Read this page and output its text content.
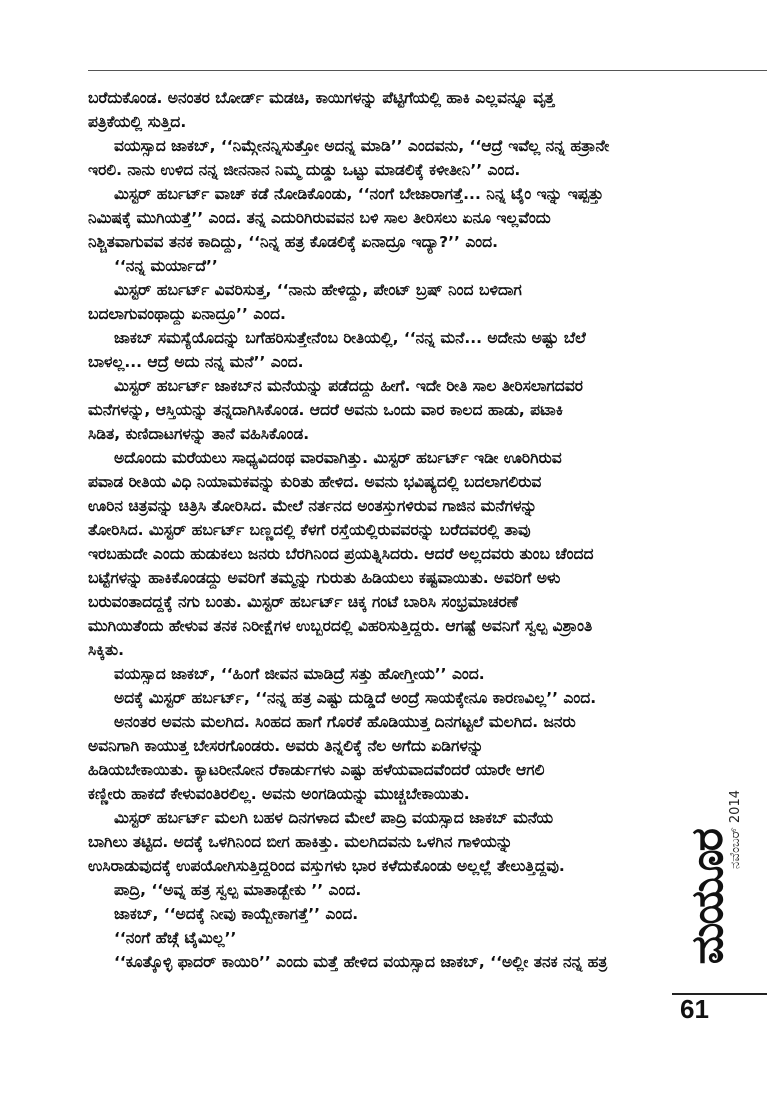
ಬರೆದುಕೊಂಡ. ಅನಂತರ ಬೋರ್ಡ್ ಮಡಚಿ, ಕಾಯಿಗಳನ್ನು ಪೆಟ್ಟಿಗೆಯಲ್ಲಿ ಹಾಕಿ ಎಲ್ಲವನ್ನೂ ವೃತ್ತ
ಪತ್ರಿಕೆಯಲ್ಲಿ ಸುತ್ತಿದ.
ವಯಸ್ಸಾದ ಜಾಕಬ್, ‘‘ನಿಮ್ಗೇನನ್ನಿಸುತ್ತೋ ಅದನ್ನ ಮಾಡಿ’’ ಎಂದವನು, ‘‘ಆದ್ರೆ ಇವೆಲ್ಲ ನನ್ನ ಹತ್ರಾನೇ
ಇರಲಿ. ನಾನು ಉಳಿದ ನನ್ನ ಜೀನನಾನ ನಿಮ್ಮ ದುಡ್ಡು ಒಟ್ಟು ಮಾಡಲಿಕ್ಕೆ ಕಳೀತೀನಿ’’ ಎಂದ.
ಮಿಸ್ಟರ್ ಹರ್ಬರ್ಟ್ ವಾಚ್ ಕಡೆ ನೋಡಿಕೊಂಡು, ‘‘ನಂಗೆ ಬೇಜಾರಾಗತ್ತೆ... ನಿನ್ನ ಟೈಂ ಇನ್ನು ಇಪ್ಪತ್ತು
ನಿಮಿಷಕ್ಕೆ ಮುಗಿಯತ್ತೆ’’ ಎಂದ. ತನ್ನ ಎದುರಿಗಿರುವವನ ಬಳಿ ಸಾಲ ತೀರಿಸಲು ಏನೂ ಇಲ್ಲವೆಂದು
ನಿಶ್ಚಿತವಾಗುವವ ತನಕ ಕಾದಿದ್ದು, ‘‘ನಿನ್ನ ಹತ್ರ ಕೊಡಲಿಕ್ಕೆ ಏನಾದ್ರೂ ಇದ್ಯಾ?’’ ಎಂದ.
‘‘ನನ್ನ ಮರ್ಯಾದೆ’’
ಮಿಸ್ಟರ್ ಹರ್ಬರ್ಟ್ ವಿವರಿಸುತ್ತ, ‘‘ನಾನು ಹೇಳಿದ್ದು, ಪೇಂಟ್ ಬ್ರಷ್ ನಿಂದ ಬಳಿದಾಗ
ಬದಲಾಗುವಂಥಾದ್ದು ಏನಾದ್ರೂ’’ ಎಂದ.
ಜಾಕಬ್ ಸಮಸ್ಯೆಯೊದನ್ನು ಬಗೆಹರಿಸುತ್ತೇನೆಂಬ ರೀತಿಯಲ್ಲಿ, ‘‘ನನ್ನ ಮನೆ... ಅದೇನು ಅಷ್ಟು ಬೆಲೆ
ಬಾಳಲ್ಲ... ಆದ್ರೆ ಅದು ನನ್ನ ಮನೆ’’ ಎಂದ.
ಮಿಸ್ಟರ್ ಹರ್ಬರ್ಟ್ ಜಾಕಬ್‌ನ ಮನೆಯನ್ನು ಪಡೆದದ್ದು ಹೀಗೆ. ಇದೇ ರೀತಿ ಸಾಲ ತೀರಿಸಲಾಗದವರ
ಮನೆಗಳನ್ನು, ಆಸ್ತಿಯನ್ನು ತನ್ನದಾಗಿಸಿಕೊಂಡ. ಆದರೆ ಅವನು ಒಂದು ವಾರ ಕಾಲದ ಹಾಡು, ಪಟಾಕಿ
ಸಿಡಿತ, ಕುಣಿದಾಟಗಳನ್ನು ತಾನೆ ವಹಿಸಿಕೊಂಡ.
ಅದೊಂದು ಮರೆಯಲು ಸಾಧ್ಯವಿದಂಥ ವಾರವಾಗಿತ್ತು. ಮಿಸ್ಟರ್ ಹರ್ಬರ್ಟ್ ಇಡೀ ಊರಿಗಿರುವ
ಪವಾಡ ರೀತಿಯ ವಿಧಿ ನಿಯಾಮಕವನ್ನು ಕುರಿತು ಹೇಳಿದ. ಅವನು ಭವಿಷ್ಯದಲ್ಲಿ ಬದಲಾಗಲಿರುವ
ಊರಿನ ಚಿತ್ರವನ್ನು ಚಿತ್ರಿಸಿ ತೋರಿಸಿದ. ಮೇಲೆ ನರ್ತನದ ಅಂತಸ್ತುಗಳಿರುವ ಗಾಜಿನ ಮನೆಗಳನ್ನು
ತೋರಿಸಿದ. ಮಿಸ್ಟರ್ ಹರ್ಬರ್ಟ್ ಬಣ್ಣದಲ್ಲಿ ಕೆಳಗೆ ರಸ್ತೆಯಲ್ಲಿರುವವರನ್ನು ಬರೆದವರಲ್ಲಿ ತಾವು
ಇರಬಹುದೇ ಎಂದು ಹುಡುಕಲು ಜನರು ಬೆರಗಿನಿಂದ ಪ್ರಯತ್ನಿಸಿದರು. ಆದರೆ ಅಲ್ಲದವರು ತುಂಬ ಚೆಂದದ
ಬಟ್ಟೆಗಳನ್ನು ಹಾಕಿಕೊಂಡದ್ದು ಅವರಿಗೆ ತಮ್ಮನ್ನು ಗುರುತು ಹಿಡಿಯಲು ಕಷ್ಟವಾಯಿತು. ಅವರಿಗೆ ಅಳು
ಬರುವಂತಾದದ್ದಕ್ಕೆ ನಗು ಬಂತು. ಮಿಸ್ಟರ್ ಹರ್ಬರ್ಟ್ ಚಿಕ್ಕ ಗಂಟೆ ಬಾರಿಸಿ ಸಂಭ್ರಮಾಚರಣೆ
ಮುಗಿಯಿತೆಂದು ಹೇಳುವ ತನಕ ನಿರೀಕ್ಷೆಗಳ ಉಬ್ಬರದಲ್ಲಿ ವಿಹರಿಸುತ್ತಿದ್ದರು. ಆಗಷ್ಟೆ ಅವನಿಗೆ ಸ್ವಲ್ಪ ವಿಶ್ರಾಂತಿ
ಸಿಕ್ಕಿತು.
ವಯಸ್ಸಾದ ಜಾಕಬ್, ‘‘ಹಿಂಗೆ ಜೀವನ ಮಾಡಿದ್ರೆ ಸತ್ತು ಹೋಗ್ತೀಯ’’ ಎಂದ.
ಅದಕ್ಕೆ ಮಿಸ್ಟರ್ ಹರ್ಬರ್ಟ್, ‘‘ನನ್ನ ಹತ್ರ ಎಷ್ಟು ದುಡ್ಡಿದೆ ಅಂದ್ರೆ ಸಾಯಕ್ಕೇನೂ ಕಾರಣವಿಲ್ಲ’’ ಎಂದ.
ಅನಂತರ ಅವನು ಮಲಗಿದ. ಸಿಂಹದ ಹಾಗೆ ಗೊರಕೆ ಹೊಡಿಯುತ್ತ ದಿನಗಟ್ಟಲೆ ಮಲಗಿದ. ಜನರು
ಅವನಿಗಾಗಿ ಕಾಯುತ್ತ ಬೇಸರಗೊಂಡರು. ಅವರು ತಿನ್ನಲಿಕ್ಕೆ ನೆಲ ಅಗೆದು ಏಡಿಗಳನ್ನು
ಹಿಡಿಯಬೇಕಾಯಿತು. ಕ್ಯಾಟರೀನೋನ ರೆಕಾರ್ಡುಗಳು ಎಷ್ಟು ಹಳೆಯವಾದವೆಂದರೆ ಯಾರೇ ಆಗಲಿ
ಕಣ್ಣೀರು ಹಾಕದೆ ಕೇಳುವಂತಿರಲಿಲ್ಲ. ಅವನು ಅಂಗಡಿಯನ್ನು ಮುಚ್ಚಬೇಕಾಯಿತು.
ಮಿಸ್ಟರ್ ಹರ್ಬರ್ಟ್ ಮಲಗಿ ಬಹಳ ದಿನಗಳಾದ ಮೇಲೆ ಪಾದ್ರಿ ವಯಸ್ಸಾದ ಜಾಕಬ್ ಮನೆಯ
ಬಾಗಿಲು ತಟ್ಟಿದ. ಅದಕ್ಕೆ ಒಳಗಿನಿಂದ ಬೀಗ ಹಾಕಿತ್ತು. ಮಲಗಿದವನು ಒಳಗಿನ ಗಾಳಿಯನ್ನು
ಉಸಿರಾಡುವುದಕ್ಕೆ ಉಪಯೋಗಿಸುತ್ತಿದ್ದರಿಂದ ವಸ್ತುಗಳು ಭಾರ ಕಳೆದುಕೊಂಡು ಅಲ್ಲಲ್ಲೆ ತೇಲುತ್ತಿದ್ದವು.
ಪಾದ್ರಿ, ‘‘ಅವ್ನ ಹತ್ರ ಸ್ವಲ್ಪ ಮಾತಾಡ್ಬೇಕು ’’ ಎಂದ.
ಜಾಕಬ್, ‘‘ಅದಕ್ಕೆ ನೀವು ಕಾಯ್ಬೇಕಾಗತ್ತೆ’’ ಎಂದ.
‘‘ನಂಗೆ ಹೆಚ್ಗೆ ಟೈಮಿಲ್ಲ’’
‘‘ಕೂತ್ಕೊಳ್ಳಿ ಫಾದರ್ ಕಾಯಿರಿ’’ ಎಂದು ಮತ್ತೆ ಹೇಳಿದ ವಯಸ್ಸಾದ ಜಾಕಬ್, ‘‘ಅಲ್ಲೀ ತನಕ ನನ್ನ ಹತ್ರ	ಮಯೂರ
ನವೆಂಬರ್ 2014
61
